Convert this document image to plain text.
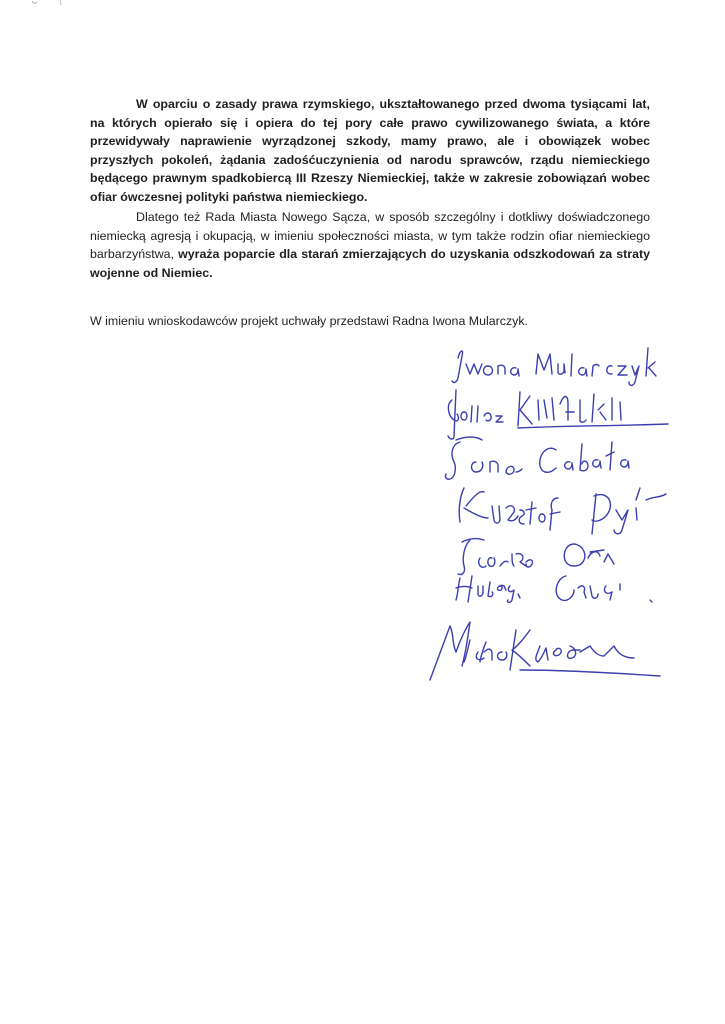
W oparciu o zasady prawa rzymskiego, ukształtowanego przed dwoma tysiącami lat, na których opierało się i opiera do tej pory całe prawo cywilizowanego świata, a które przewidywały naprawienie wyrządzonej szkody, mamy prawo, ale i obowiązek wobec przyszłych pokoleń, żądania zadośćuczynienia od narodu sprawców, rządu niemieckiego będącego prawnym spadkobiercą III Rzeszy Niemieckiej, także w zakresie zobowiązań wobec ofiar ówczesnej polityki państwa niemieckiego.

Dlatego też Rada Miasta Nowego Sącza, w sposób szczególny i dotkliwy doświadczonego niemiecką agresją i okupacją, w imieniu społeczności miasta, w tym także rodzin ofiar niemieckiego barbarzyństwa, wyraża poparcie dla starań zmierzających do uzyskania odszkodowań za straty wojenne od Niemiec.

W imieniu wnioskodawców projekt uchwały przedstawi Radna Iwona Mularczyk.
